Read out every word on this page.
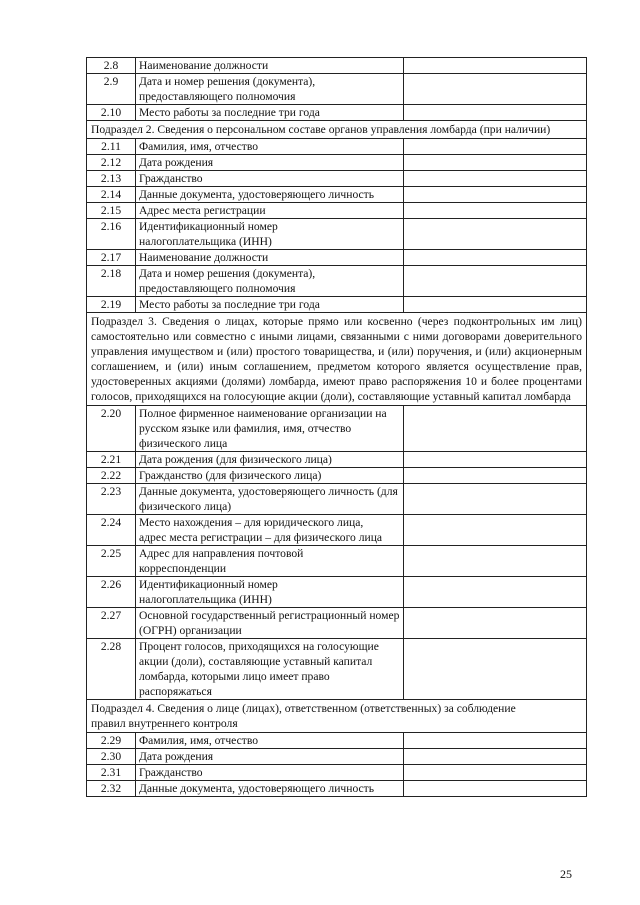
2.8	Наименование должности	

2.9	Дата и номер решения (документа), предоставляющего полномочия	

2.10	Место работы за последние три года	

Подраздел 2. Сведения о персональном составе органов управления ломбарда (при наличии)		

2.11	Фамилия, имя, отчество	

2.12	Дата рождения	

2.13	Гражданство	

2.14	Данные документа, удостоверяющего личность	

2.15	Адрес места регистрации	

2.16	Идентификационный номер налогоплательщика (ИНН)	

2.17	Наименование должности	

2.18	Дата и номер решения (документа), предоставляющего полномочия	

2.19	Место работы за последние три года	

Подраздел 3. Сведения о лицах, которые прямо или косвенно (через подконтрольных им лиц) самостоятельно или совместно с иными лицами, связанными с ними договорами доверительного управления имуществом и (или) простого товарищества, и (или) поручения, и (или) акционерным соглашением, и (или) иным соглашением, предметом которого является осуществление прав, удостоверенных акциями (долями) ломбарда, имеют право распоряжения 10 и более процентами голосов, приходящихся на голосующие акции (доли), составляющие уставный капитал ломбарда		

2.20	Полное фирменное наименование организации на русском языке или фамилия, имя, отчество физического лица	

2.21	Дата рождения (для физического лица)	

2.22	Гражданство (для физического лица)	

2.23	Данные документа, удостоверяющего личность (для физического лица)	

2.24	Место нахождения – для юридического лица, адрес места регистрации – для физического лица	

2.25	Адрес для направления почтовой корреспонденции	

2.26	Идентификационный номер налогоплательщика (ИНН)	

2.27	Основной государственный регистрационный номер (ОГРН) организации	

2.28	Процент голосов, приходящихся на голосующие акции (доли), составляющие уставный капитал ломбарда, которыми лицо имеет право распоряжаться	

Подраздел 4. Сведения о лице (лицах), ответственном (ответственных) за соблюдение правил внутреннего контроля		

2.29	Фамилия, имя, отчество	

2.30	Дата рождения	

2.31	Гражданство	

2.32	Данные документа, удостоверяющего личность	

25
